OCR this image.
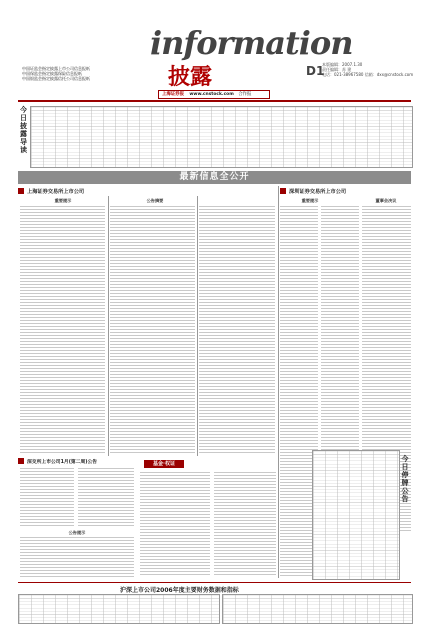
中国证监会指定披露上市公司信息报纸
中国保监会指定披露保险信息报纸
中国银监会指定披露信托公司信息报纸
information
披露	D1
本版编辑：2007.1.30
责任编辑：苏 建
电话：021-38967580 信箱：dxx@cnstock.com
上海证券报 www.cnstock.com 合作报
今日披露导读
最新信息全公开
上海证券交易所上市公司
重要提示	公告摘要
深圳证券交易所上市公司
重要提示	董事会决议
今日停牌公告
基金·权证
深交所上市公司1月(第二周)公告
公告提示
沪深上市公司2006年度主要财务数据和指标
